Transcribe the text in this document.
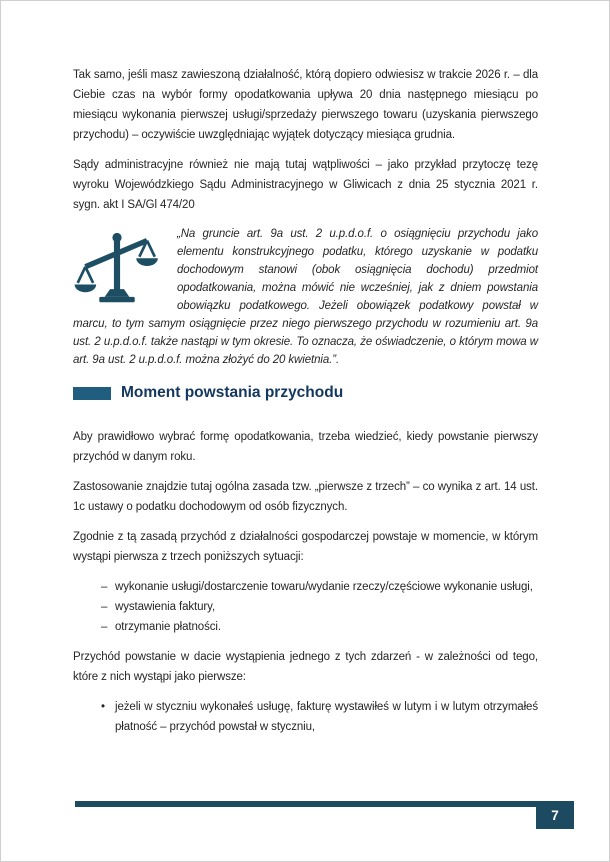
Tak samo, jeśli masz zawieszoną działalność, którą dopiero odwiesisz w trakcie 2026 r. – dla Ciebie czas na wybór formy opodatkowania upływa 20 dnia następnego miesiącu po miesiącu wykonania pierwszej usługi/sprzedaży pierwszego towaru (uzyskania pierwszego przychodu) – oczywiście uwzględniając wyjątek dotyczący miesiąca grudnia.

Sądy administracyjne również nie mają tutaj wątpliwości – jako przykład przytoczę tezę wyroku Wojewódzkiego Sądu Administracyjnego w Gliwicach z dnia 25 stycznia 2021 r. sygn. akt I SA/Gl 474/20

„Na gruncie art. 9a ust. 2 u.p.d.o.f. o osiągnięciu przychodu jako elementu konstrukcyjnego podatku, którego uzyskanie w podatku dochodowym stanowi (obok osiągnięcia dochodu) przedmiot opodatkowania, można mówić nie wcześniej, jak z dniem powstania obowiązku podatkowego. Jeżeli obowiązek podatkowy powstał w marcu, to tym samym osiągnięcie przez niego pierwszego przychodu w rozumieniu art. 9a ust. 2 u.p.d.o.f. także nastąpi w tym okresie. To oznacza, że oświadczenie, o którym mowa w art. 9a ust. 2 u.p.d.o.f. można złożyć do 20 kwietnia.”.
Moment powstania przychodu

Aby prawidłowo wybrać formę opodatkowania, trzeba wiedzieć, kiedy powstanie pierwszy przychód w danym roku.

Zastosowanie znajdzie tutaj ogólna zasada tzw. „pierwsze z trzech” – co wynika z art. 14 ust. 1c ustawy o podatku dochodowym od osób fizycznych.

Zgodnie z tą zasadą przychód z działalności gospodarczej powstaje w momencie, w którym wystąpi pierwsza z trzech poniższych sytuacji:

– wykonanie usługi/dostarczenie towaru/wydanie rzeczy/częściowe wykonanie usługi,
– wystawienia faktury,
– otrzymanie płatności.

Przychód powstanie w dacie wystąpienia jednego z tych zdarzeń - w zależności od tego, które z nich wystąpi jako pierwsze:

• jeżeli w styczniu wykonałeś usługę, fakturę wystawiłeś w lutym i w lutym otrzymałeś płatność – przychód powstał w styczniu,
7
